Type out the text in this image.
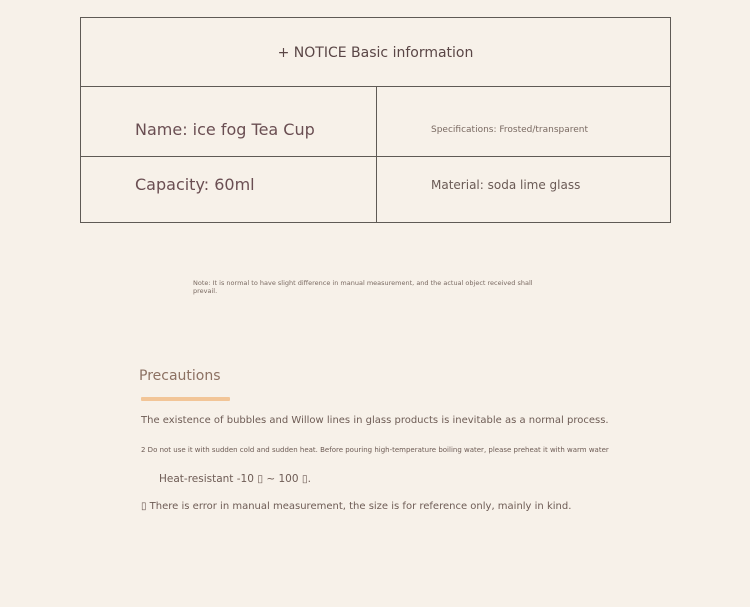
+ NOTICE Basic information
Name: ice fog Tea Cup	Specifications: Frosted/transparent
Capacity: 60ml	Material: soda lime glass
Note: It is normal to have slight difference in manual measurement, and the actual object received shall prevail.
Precautions
The existence of bubbles and Willow lines in glass products is inevitable as a normal process.
2 Do not use it with sudden cold and sudden heat. Before pouring high-temperature boiling water, please preheat it with warm water
Heat-resistant -10 ▯ ~ 100 ▯.
▯ There is error in manual measurement, the size is for reference only, mainly in kind.
